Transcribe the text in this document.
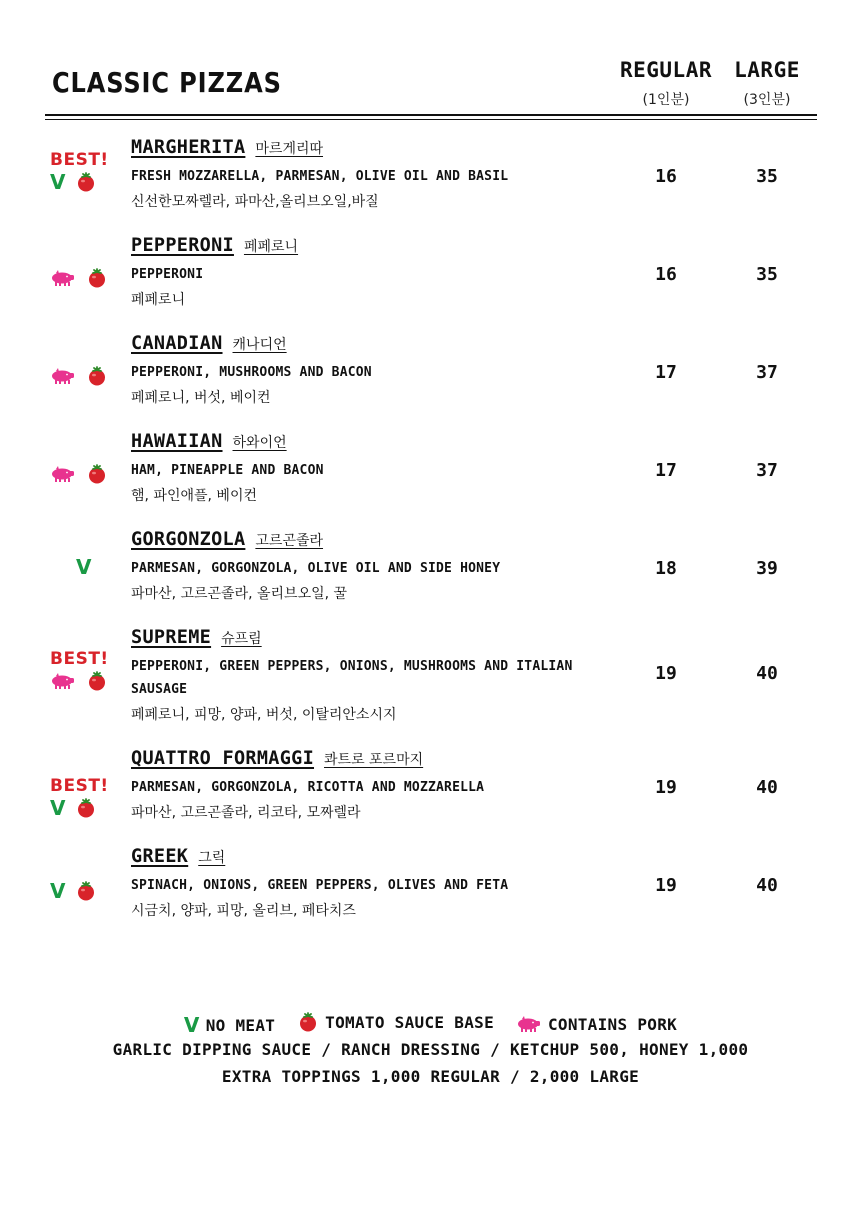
CLASSIC PIZZAS	REGULAR
(1인분)
LARGE
(3인분)
BEST!
V
MARGHERITA 마르게리따
FRESH MOZZARELLA, PARMESAN, OLIVE OIL AND BASIL
신선한모짜렐라, 파마산,올리브오일,바질
16	35
PEPPERONI 페페로니
PEPPERONI
페페로니
16	35
CANADIAN 캐나디언
PEPPERONI, MUSHROOMS AND BACON
페페로니, 버섯, 베이컨
17	37
HAWAIIAN 하와이언
HAM, PINEAPPLE AND BACON
햄, 파인애플, 베이컨
17	37
V
GORGONZOLA 고르곤졸라
PARMESAN, GORGONZOLA, OLIVE OIL AND SIDE HONEY
파마산, 고르곤졸라, 올리브오일, 꿀
18	39
BEST!
SUPREME 슈프림
PEPPERONI, GREEN PEPPERS, ONIONS, MUSHROOMS AND ITALIAN SAUSAGE
페페로니, 피망, 양파, 버섯, 이탈리안소시지
19	40
BEST!
V
QUATTRO FORMAGGI 콰트로 포르마지
PARMESAN, GORGONZOLA, RICOTTA AND MOZZARELLA
파마산, 고르곤졸라, 리코타, 모짜렐라
19	40
V
GREEK 그릭
SPINACH, ONIONS, GREEN PEPPERS, OLIVES AND FETA
시금치, 양파, 피망, 올리브, 페타치즈
19	40
V NO MEAT
	TOMATO SAUCE BASE
	CONTAINS PORK
GARLIC DIPPING SAUCE / RANCH DRESSING / KETCHUP 500, HONEY 1,000
EXTRA TOPPINGS 1,000 REGULAR / 2,000 LARGE
